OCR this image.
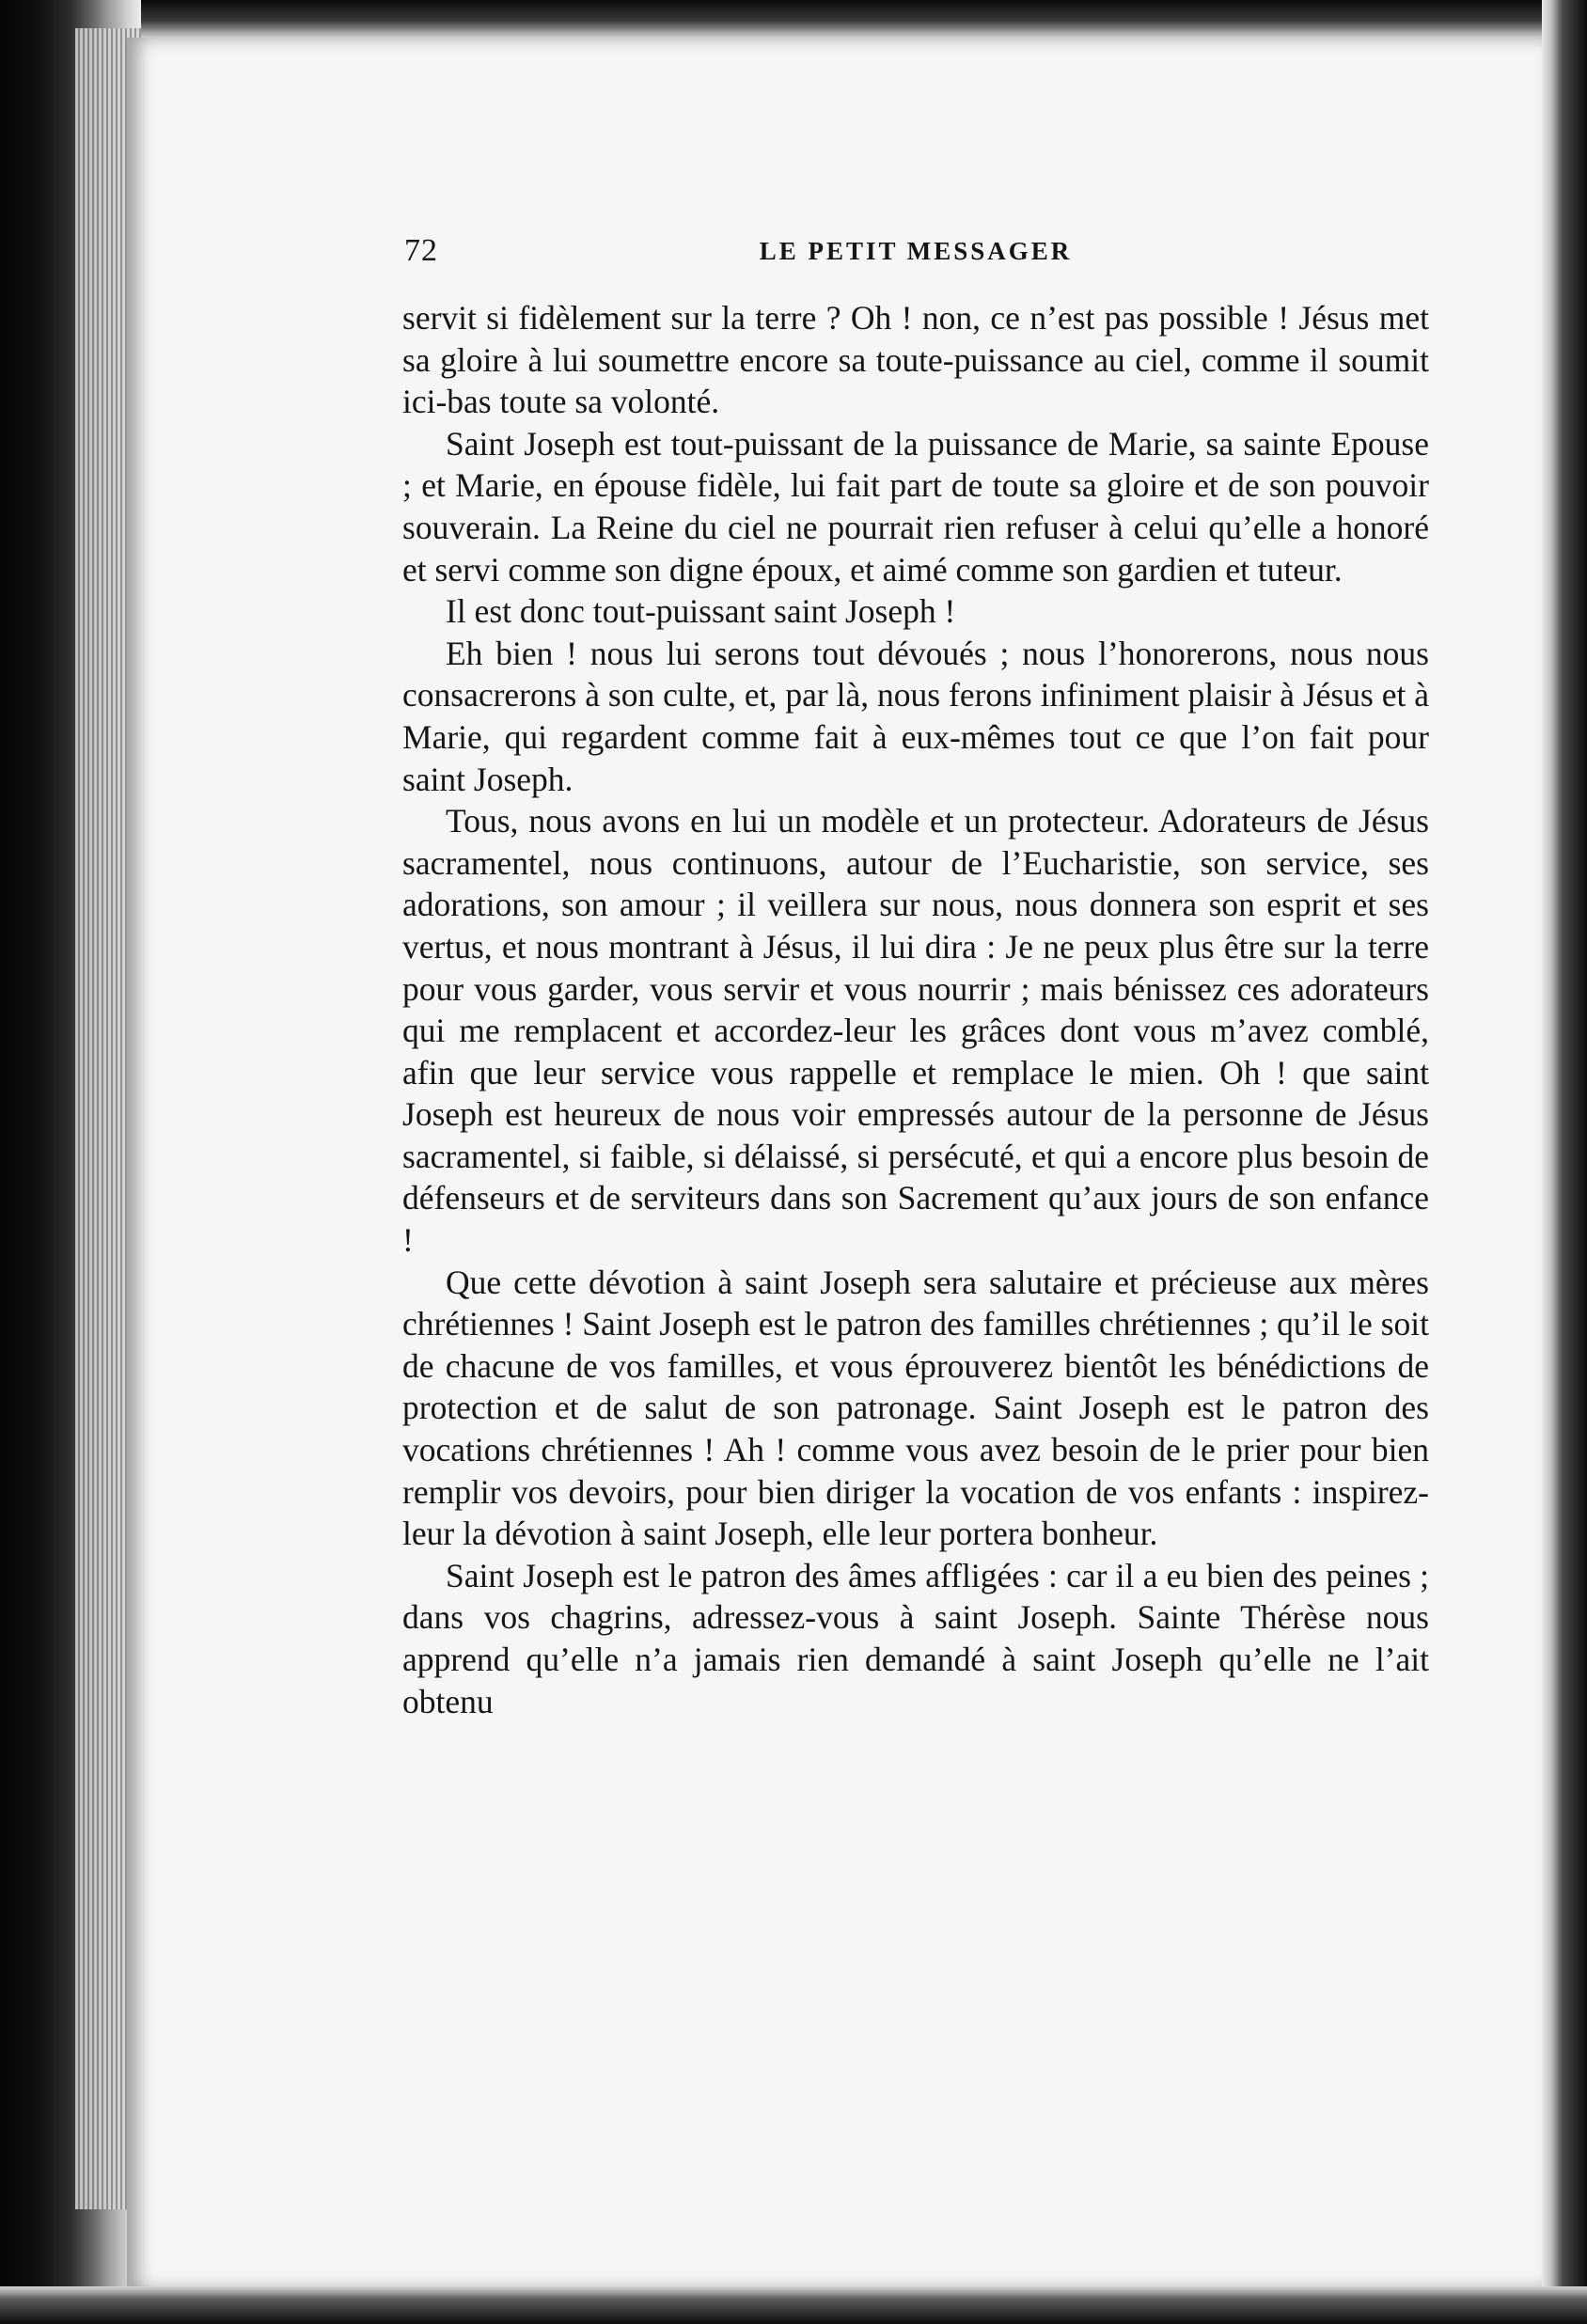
72	LE PETIT MESSAGER

servit si fidèlement sur la terre ? Oh ! non, ce n’est pas possible ! Jésus met sa gloire à lui soumettre encore sa toute-puissance au ciel, comme il soumit ici-bas toute sa volonté.

Saint Joseph est tout-puissant de la puissance de Marie, sa sainte Epouse ; et Marie, en épouse fidèle, lui fait part de toute sa gloire et de son pouvoir souverain. La Reine du ciel ne pourrait rien refuser à celui qu’elle a honoré et servi comme son digne époux, et aimé comme son gardien et tuteur.

Il est donc tout-puissant saint Joseph !

Eh bien ! nous lui serons tout dévoués ; nous l’honorerons, nous nous consacrerons à son culte, et, par là, nous ferons infiniment plaisir à Jésus et à Marie, qui regardent comme fait à eux-mêmes tout ce que l’on fait pour saint Joseph.

Tous, nous avons en lui un modèle et un protecteur. Adorateurs de Jésus sacramentel, nous continuons, autour de l’Eucharistie, son service, ses adorations, son amour ; il veillera sur nous, nous donnera son esprit et ses vertus, et nous montrant à Jésus, il lui dira : Je ne peux plus être sur la terre pour vous garder, vous servir et vous nourrir ; mais bénissez ces adorateurs qui me remplacent et accordez-leur les grâces dont vous m’avez comblé, afin que leur service vous rappelle et remplace le mien. Oh ! que saint Joseph est heureux de nous voir empressés autour de la personne de Jésus sacramentel, si faible, si délaissé, si persécuté, et qui a encore plus besoin de défenseurs et de serviteurs dans son Sacrement qu’aux jours de son enfance !

Que cette dévotion à saint Joseph sera salutaire et précieuse aux mères chrétiennes ! Saint Joseph est le patron des familles chrétiennes ; qu’il le soit de chacune de vos familles, et vous éprouverez bientôt les bénédictions de protection et de salut de son patronage. Saint Joseph est le patron des vocations chrétiennes ! Ah ! comme vous avez besoin de le prier pour bien remplir vos devoirs, pour bien diriger la vocation de vos enfants : inspirez-leur la dévotion à saint Joseph, elle leur portera bonheur.

Saint Joseph est le patron des âmes affligées : car il a eu bien des peines ; dans vos chagrins, adressez-vous à saint Joseph. Sainte Thérèse nous apprend qu’elle n’a jamais rien demandé à saint Joseph qu’elle ne l’ait obtenu
